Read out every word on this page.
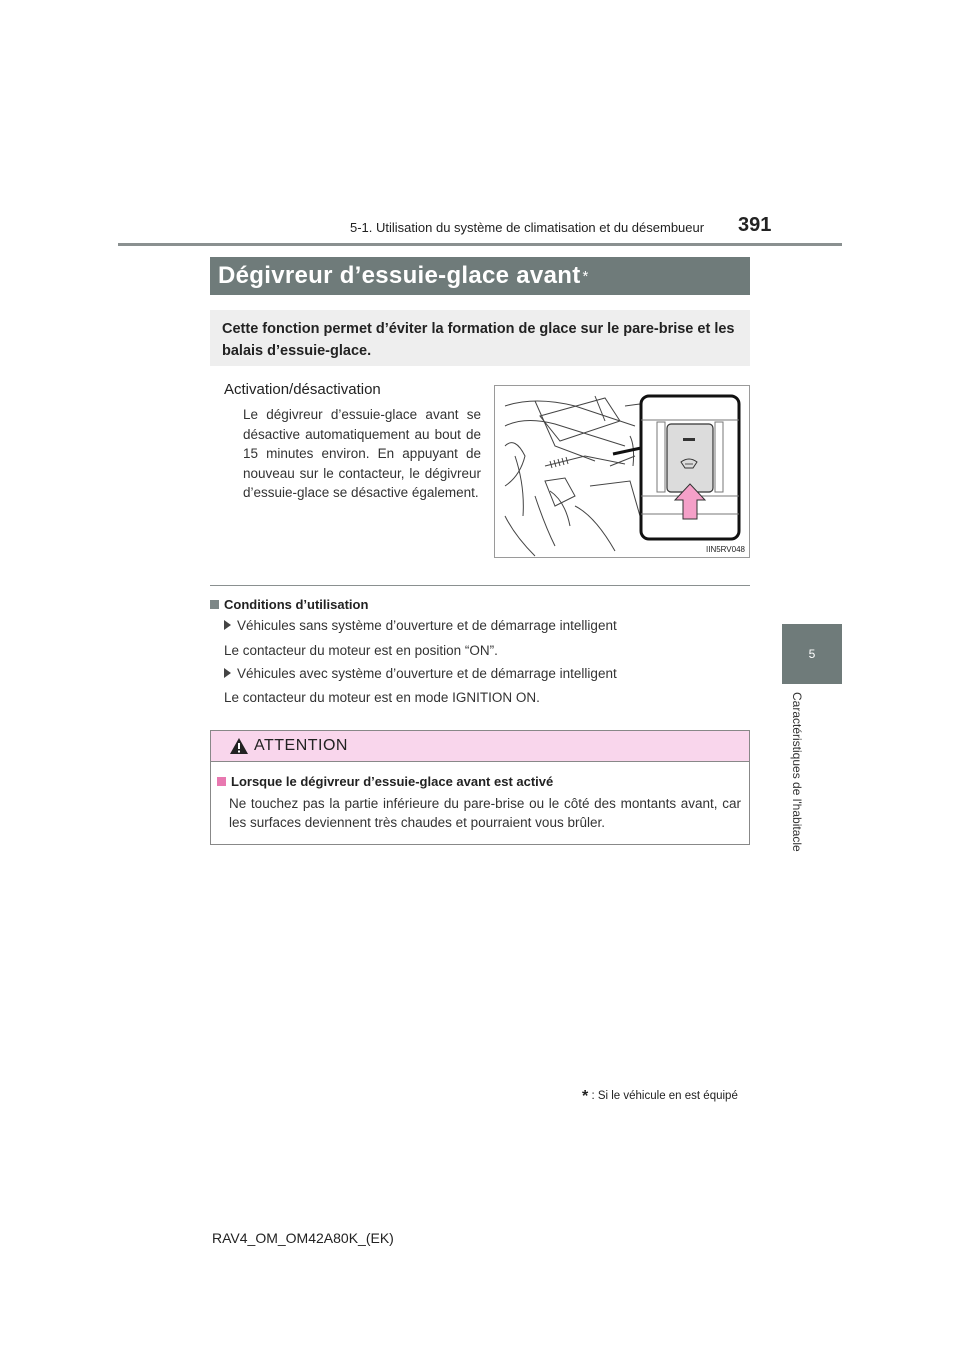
5-1. Utilisation du système de climatisation et du désembueur 391
5
Caractéristiques de l'habitacle
Dégivreur d’essuie-glace avant *
Cette fonction permet d’éviter la formation de glace sur le pare-brise et les balais d’essuie-glace.
Activation/désactivation
Le dégivreur d’essuie-glace avant se désactive automatiquement au bout de 15 minutes environ. En appuyant de nouveau sur le contacteur, le dégivreur d’essuie-glace se désactive également.
IIN5RV048
Conditions d’utilisation
Véhicules sans système d’ouverture et de démarrage intelligent
Le contacteur du moteur est en position “ON”.
Véhicules avec système d’ouverture et de démarrage intelligent
Le contacteur du moteur est en mode IGNITION ON.
ATTENTION
Lorsque le dégivreur d’essuie-glace avant est activé
Ne touchez pas la partie inférieure du pare-brise ou le côté des montants avant, car les surfaces deviennent très chaudes et pourraient vous brûler.
* : Si le véhicule en est équipé
RAV4_OM_OM42A80K_(EK)
